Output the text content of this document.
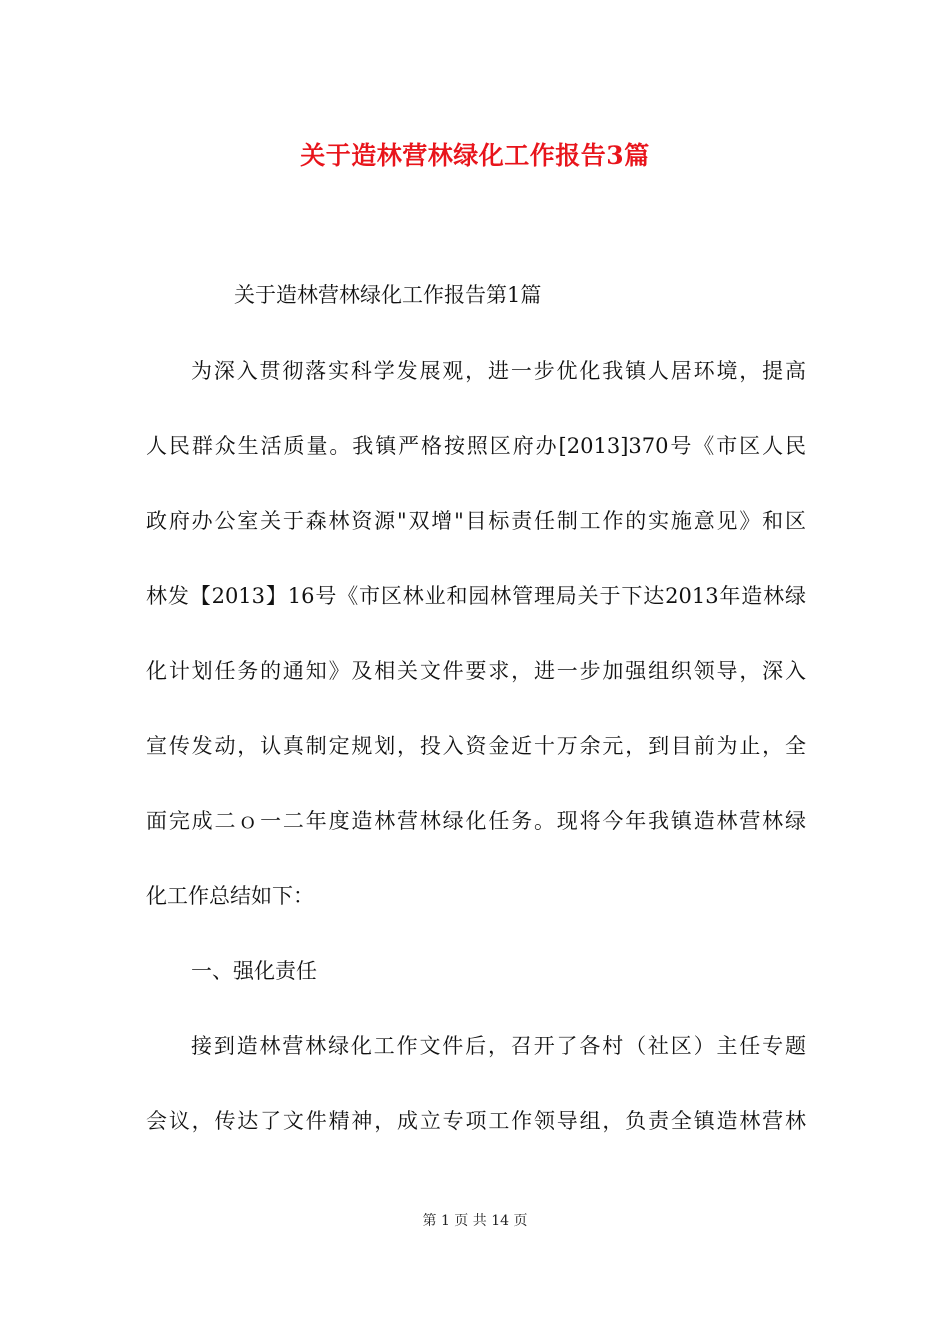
关于造林营林绿化工作报告3篇
关于造林营林绿化工作报告第1篇
为深入贯彻落实科学发展观，进一步优化我镇人居环境，提高
人民群众生活质量。我镇严格按照区府办[2013]370号《市区人民
政府办公室关于森林资源"双增"目标责任制工作的实施意见》和区
林发【2013】16号《市区林业和园林管理局关于下达2013年造林绿
化计划任务的通知》及相关文件要求，进一步加强组织领导，深入
宣传发动，认真制定规划，投入资金近十万余元，到目前为止，全
面完成二ｏ一二年度造林营林绿化任务。现将今年我镇造林营林绿
化工作总结如下：
一、强化责任
接到造林营林绿化工作文件后，召开了各村（社区）主任专题
会议，传达了文件精神，成立专项工作领导组，负责全镇造林营林
第 1 页 共 14 页
